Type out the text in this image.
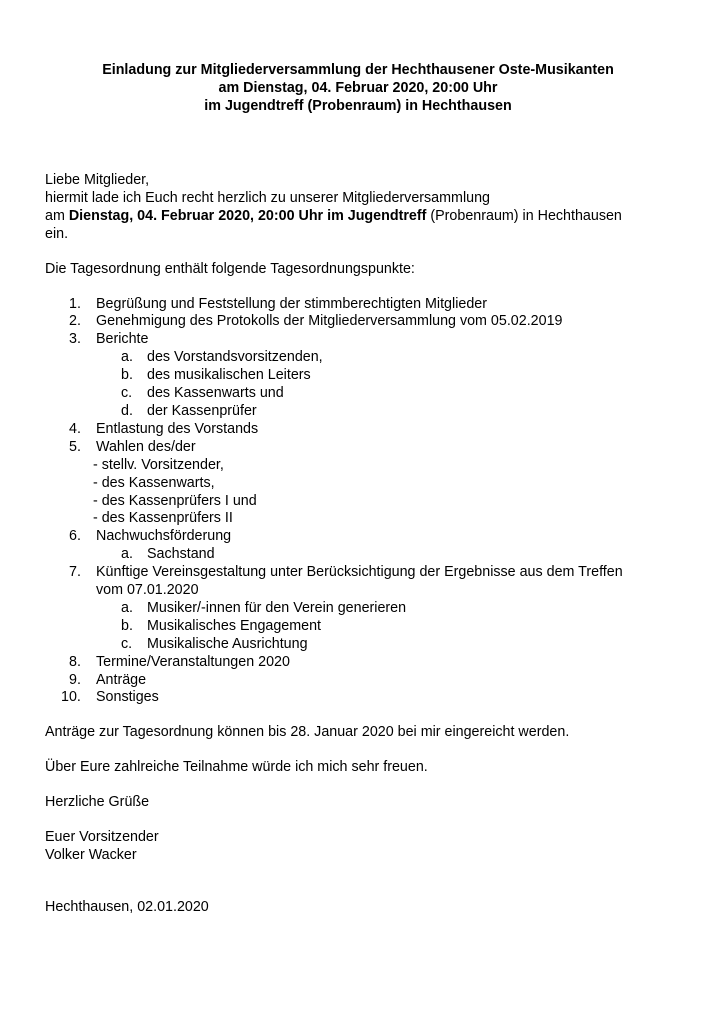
Einladung zur Mitgliederversammlung der Hechthausener Oste-Musikanten
am Dienstag, 04. Februar 2020, 20:00 Uhr
im Jugendtreff (Probenraum) in Hechthausen

Liebe Mitglieder,

hiermit lade ich Euch recht herzlich zu unserer Mitgliederversammlung

am Dienstag, 04. Februar 2020, 20:00 Uhr im Jugendtreff (Probenraum) in Hechthausen

ein.

Die Tagesordnung enthält folgende Tagesordnungspunkte:

1. Begrüßung und Feststellung der stimmberechtigten Mitglieder
2. Genehmigung des Protokolls der Mitgliederversammlung vom 05.02.2019
3. Berichte
a. des Vorstandsvorsitzenden,
b. des musikalischen Leiters
c. des Kassenwarts und
d. der Kassenprüfer
4. Entlastung des Vorstands
5. Wahlen des/der
- stellv. Vorsitzender,
- des Kassenwarts,
- des Kassenprüfers I und
- des Kassenprüfers II
6. Nachwuchsförderung
a. Sachstand
7. Künftige Vereinsgestaltung unter Berücksichtigung der Ergebnisse aus dem Treffen
vom 07.01.2020
a. Musiker/-innen für den Verein generieren
b. Musikalisches Engagement
c. Musikalische Ausrichtung
8. Termine/Veranstaltungen 2020
9. Anträge
10. Sonstiges

Anträge zur Tagesordnung können bis 28. Januar 2020 bei mir eingereicht werden.

Über Eure zahlreiche Teilnahme würde ich mich sehr freuen.

Herzliche Grüße

Euer Vorsitzender

Volker Wacker

Hechthausen, 02.01.2020
